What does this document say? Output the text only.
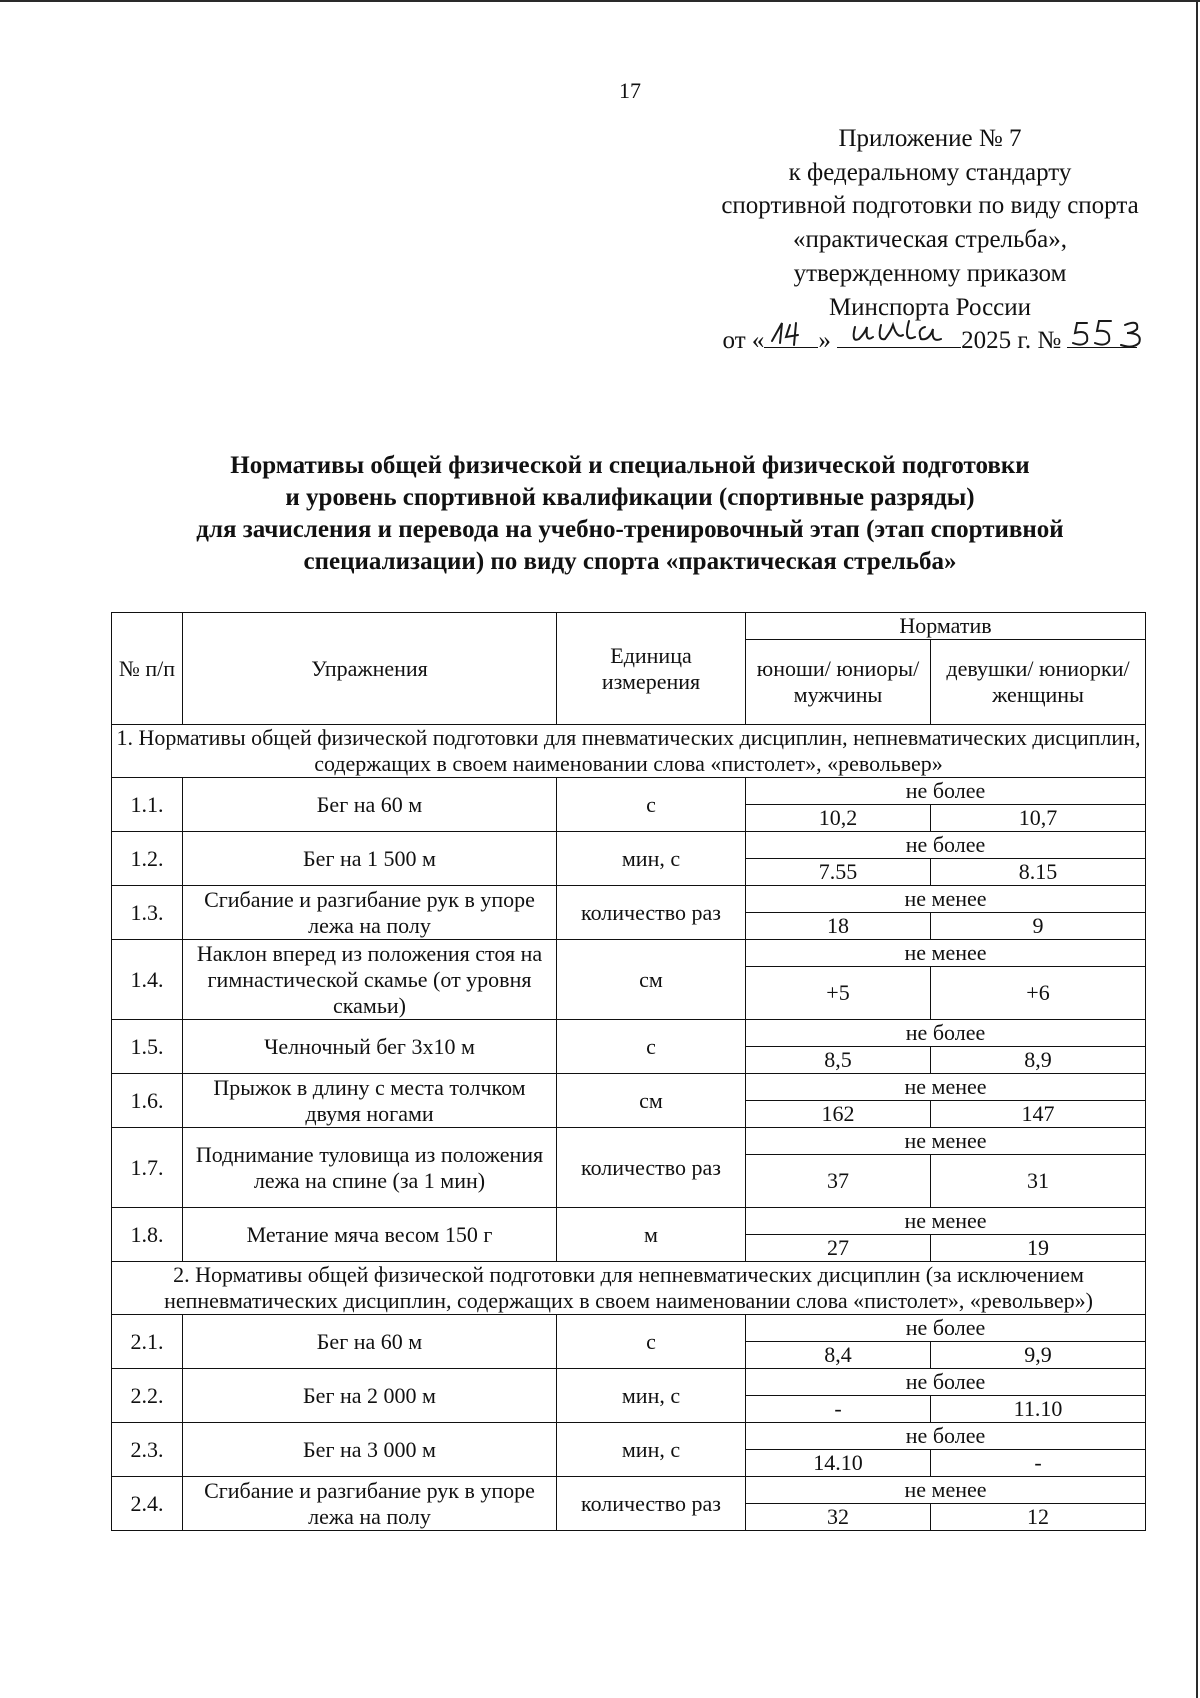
17
Приложение № 7
к федеральному стандарту
спортивной подготовки по виду спорта
«практическая стрельба»,
утвержденному приказом
Минспорта России
от « »	2025 г. №
Нормативы общей физической и специальной физической подготовки
и уровень спортивной квалификации (спортивные разряды)
для зачисления и перевода на учебно-тренировочный этап (этап спортивной
специализации) по виду спорта «практическая стрельба»
№ п/п	Упражнения	Единица измерения	Норматив	
			юноши/ юниоры/ мужчины	девушки/ юниорки/ женщины
1. Нормативы общей физической подготовки для пневматических дисциплин, непневматических дисциплин, содержащих в своем наименовании слова «пистолет», «револьвер»				
1.1.	Бег на 60 м	с	не более	
			10,2	10,7
1.2.	Бег на 1 500 м	мин, с	не более	
			7.55	8.15
1.3.	Сгибание и разгибание рук в упоре лежа на полу	количество раз	не менее	
			18	9
1.4.	Наклон вперед из положения стоя на гимнастической скамье (от уровня скамьи)	см	не менее	
			+5	+6
1.5.	Челночный бег 3х10 м	с	не более	
			8,5	8,9
1.6.	Прыжок в длину с места толчком двумя ногами	см	не менее	
			162	147
1.7.	Поднимание туловища из положения лежа на спине (за 1 мин)	количество раз	не менее	
			37	31
1.8.	Метание мяча весом 150 г	м	не менее	
			27	19
2. Нормативы общей физической подготовки для непневматических дисциплин (за исключением непневматических дисциплин, содержащих в своем наименовании слова «пистолет», «револьвер»)				
2.1.	Бег на 60 м	с	не более	
			8,4	9,9
2.2.	Бег на 2 000 м	мин, с	не более	
			-	11.10
2.3.	Бег на 3 000 м	мин, с	не более	
			14.10	-
2.4.	Сгибание и разгибание рук в упоре лежа на полу	количество раз	не менее	
			32	12
